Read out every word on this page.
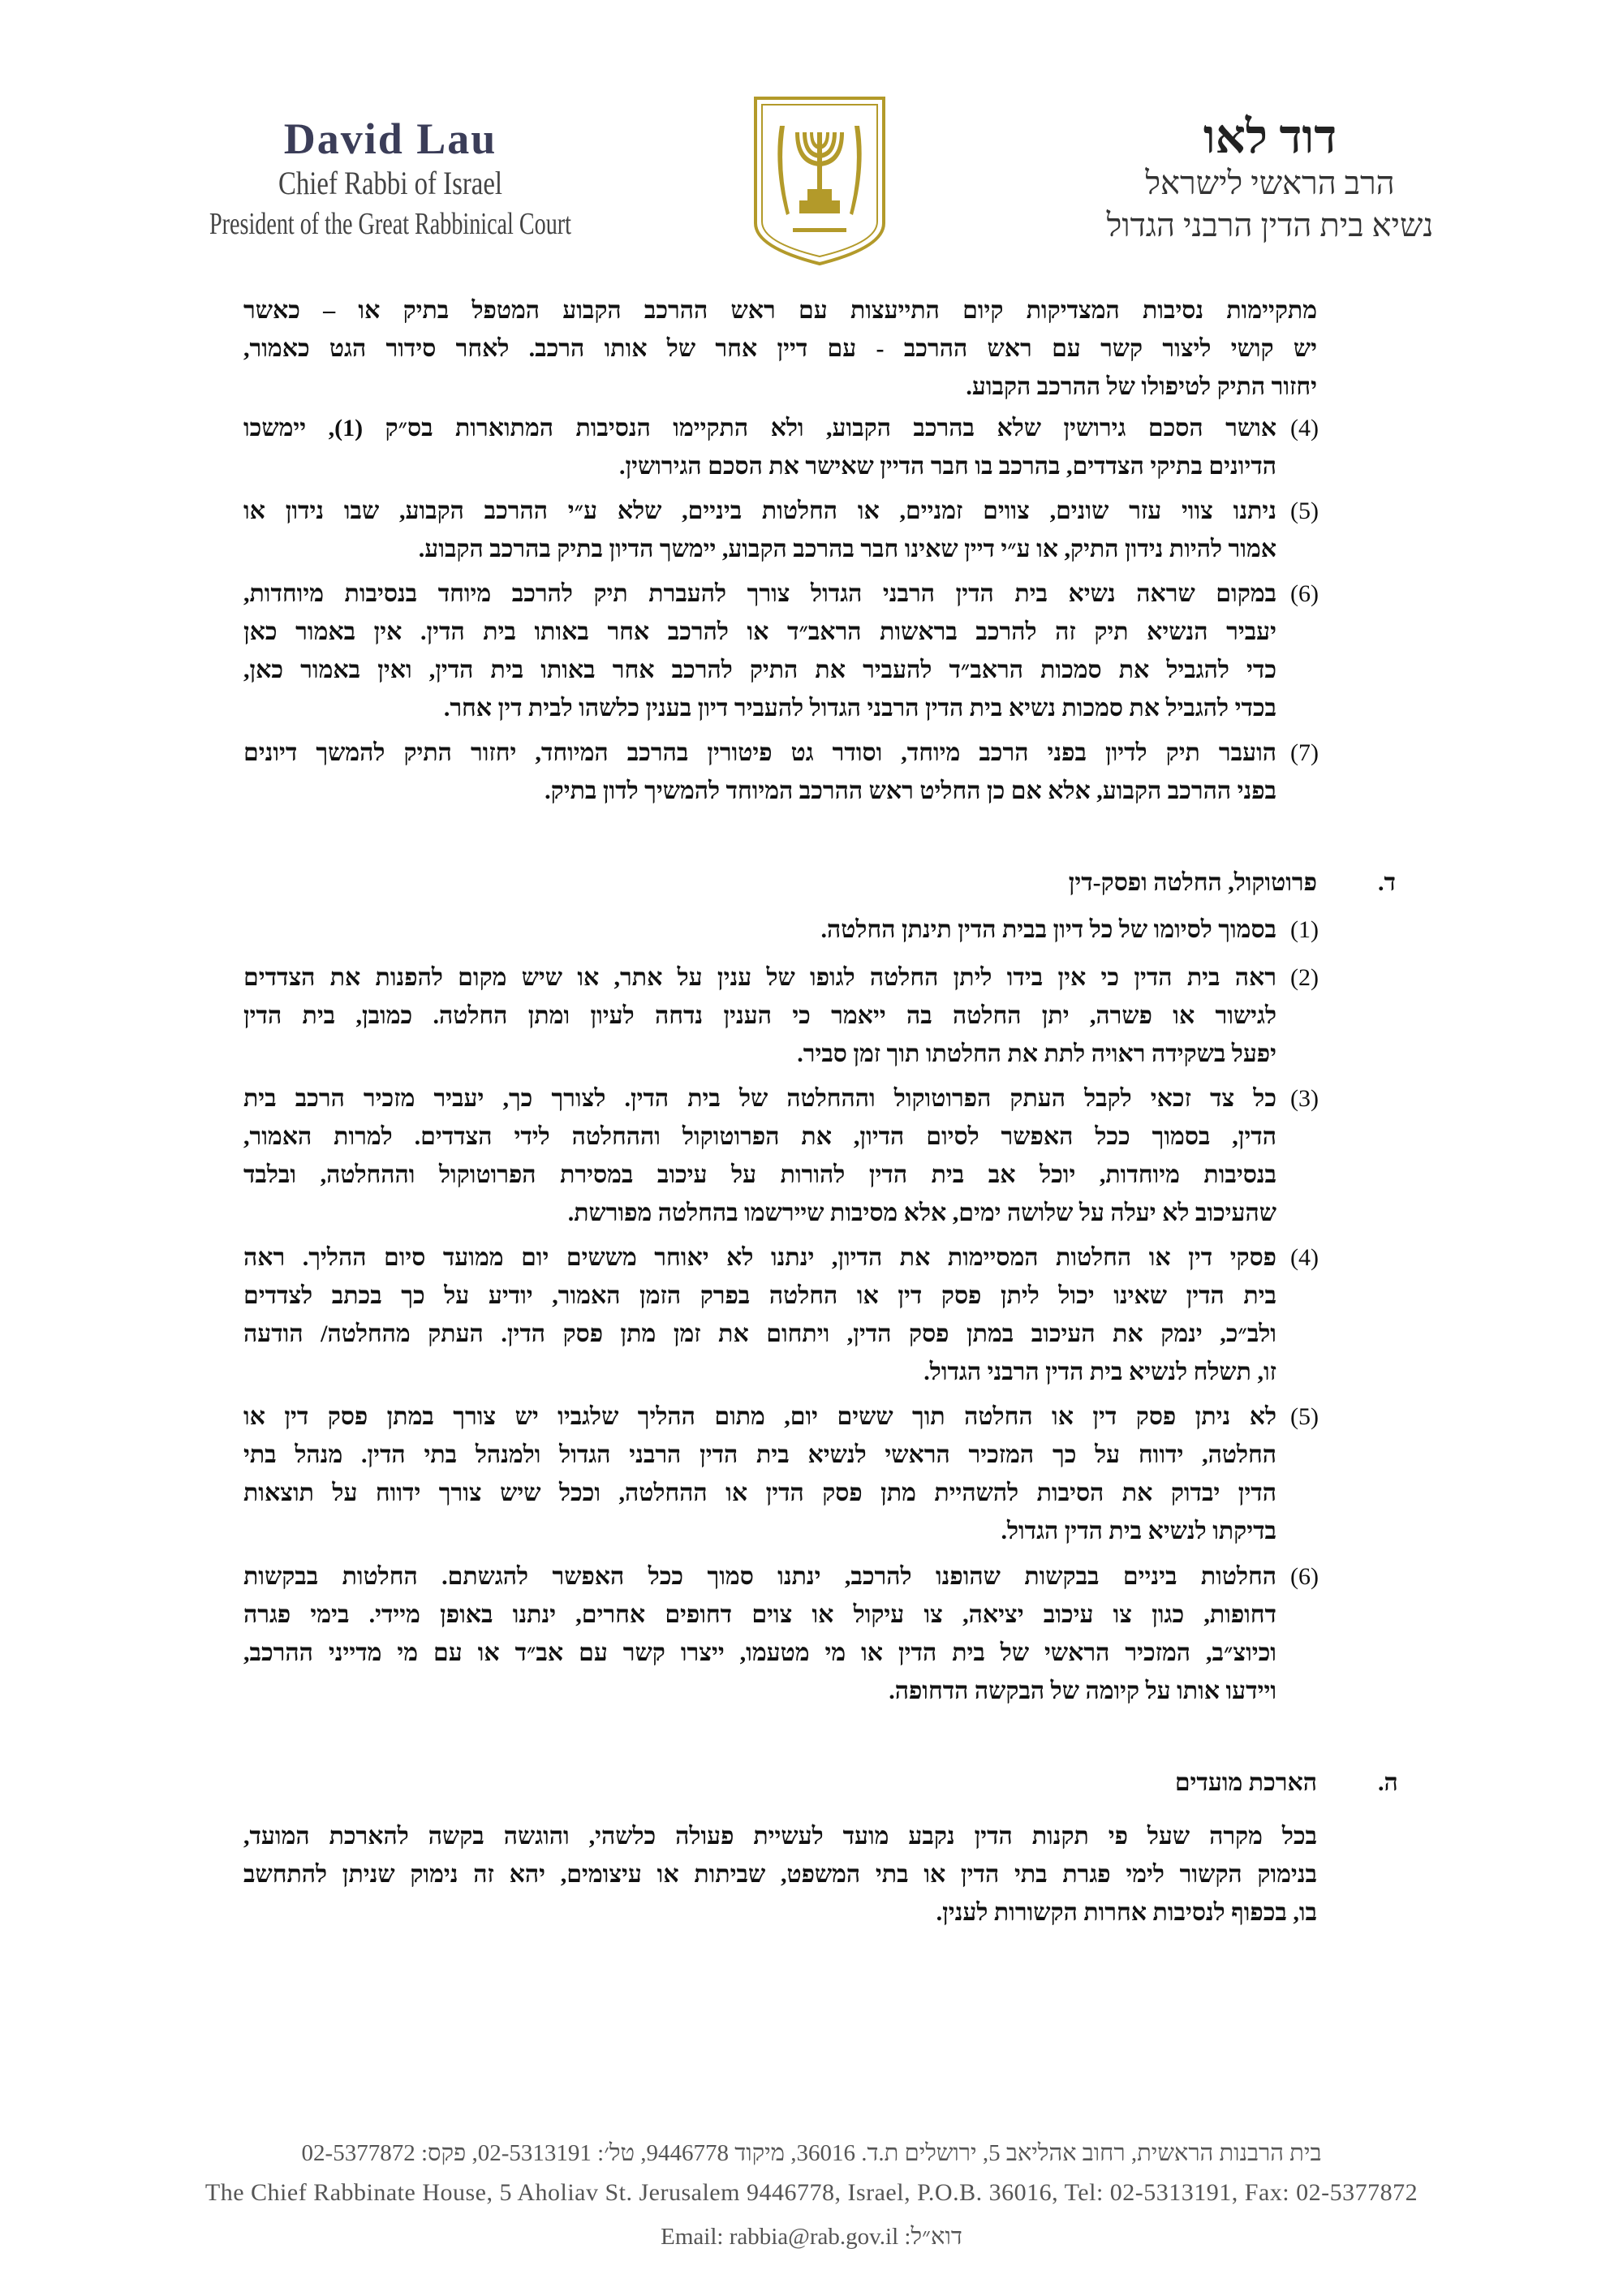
David Lau
Chief Rabbi of Israel
President of the Great Rabbinical Court
דוד לאו
הרב הראשי לישראל
נשיא בית הדין הרבני הגדול
מתקיימות נסיבות המצדיקות קיום התייעצות עם ראש ההרכב הקבוע המטפל בתיק או – כאשר
יש קושי ליצור קשר עם ראש ההרכב - עם דיין אחר של אותו הרכב. לאחר סידור הגט כאמור,
יחזור התיק לטיפולו של ההרכב הקבוע.
(4)
אושר הסכם גירושין שלא בהרכב הקבוע, ולא התקיימו הנסיבות המתוארות בס״ק (1), יימשכו
הדיונים בתיקי הצדדים, בהרכב בו חבר הדיין שאישר את הסכם הגירושין.
(5)
ניתנו צווי עזר שונים, צווים זמניים, או החלטות ביניים, שלא ע״י ההרכב הקבוע, שבו נידון או
אמור להיות נידון התיק, או ע״י דיין שאינו חבר בהרכב הקבוע, יימשך הדיון בתיק בהרכב הקבוע.
(6)
במקום שראה נשיא בית הדין הרבני הגדול צורך להעברת תיק להרכב מיוחד בנסיבות מיוחדות,
יעביר הנשיא תיק זה להרכב בראשות הראב״ד או להרכב אחר באותו בית הדין. אין באמור כאן
כדי להגביל את סמכות הראב״ד להעביר את התיק להרכב אחר באותו בית הדין, ואין באמור כאן,
בכדי להגביל את סמכות נשיא בית הדין הרבני הגדול להעביר דיון בענין כלשהו לבית דין אחר.
(7)
הועבר תיק לדיון בפני הרכב מיוחד, וסודר גט פיטורין בהרכב המיוחד, יחזור התיק להמשך דיונים
בפני ההרכב הקבוע, אלא אם כן החליט ראש ההרכב המיוחד להמשיך לדון בתיק.
(1)
בסמוך לסיומו של כל דיון בבית הדין תינתן החלטה.
(2)
ראה בית הדין כי אין בידו ליתן החלטה לגופו של ענין על אתר, או שיש מקום להפנות את הצדדים
לגישור או פשרה, יתן החלטה בה ייאמר כי הענין נדחה לעיון ומתן החלטה. כמובן, בית הדין
יפעל בשקידה ראויה לתת את החלטתו תוך זמן סביר.
(3)
כל צד זכאי לקבל העתק הפרוטוקול וההחלטה של בית הדין. לצורך כך, יעביר מזכיר הרכב בית
הדין, בסמוך ככל האפשר לסיום הדיון, את הפרוטוקול וההחלטה לידי הצדדים. למרות האמור,
בנסיבות מיוחדות, יוכל אב בית הדין להורות על עיכוב במסירת הפרוטוקול וההחלטה, ובלבד
שהעיכוב לא יעלה על שלושה ימים, אלא מסיבות שיירשמו בהחלטה מפורשת.
(4)
פסקי דין או החלטות המסיימות את הדיון, ינתנו לא יאוחר מששים יום ממועד סיום ההליך. ראה
בית הדין שאינו יכול ליתן פסק דין או החלטה בפרק הזמן האמור, יודיע על כך בכתב לצדדים
ולב״כ, ינמק את העיכוב במתן פסק הדין, ויתחום את זמן מתן פסק הדין. העתק מהחלטה/ הודעה
זו, תשלח לנשיא בית הדין הרבני הגדול.
(5)
לא ניתן פסק דין או החלטה תוך ששים יום, מתום ההליך שלגביו יש צורך במתן פסק דין או
החלטה, ידווח על כך המזכיר הראשי לנשיא בית הדין הרבני הגדול ולמנהל בתי הדין. מנהל בתי
הדין יבדוק את הסיבות להשהיית מתן פסק הדין או ההחלטה, וככל שיש צורך ידווח על תוצאות
בדיקתו לנשיא בית הדין הגדול.
(6)
החלטות ביניים בבקשות שהופנו להרכב, ינתנו סמוך ככל האפשר להגשתם. החלטות בבקשות
דחופות, כגון צו עיכוב יציאה, צו עיקול או צוים דחופים אחרים, ינתנו באופן מיידי. בימי פגרה
וכיוצ״ב, המזכיר הראשי של בית הדין או מי מטעמו, ייצרו קשר עם אב״ד או עם מי מדייני ההרכב,
ויידעו אותו על קיומה של הבקשה הדחופה.
בכל מקרה שעל פי תקנות הדין נקבע מועד לעשיית פעולה כלשהי, והוגשה בקשה להארכת המועד,
בנימוק הקשור לימי פגרת בתי הדין או בתי המשפט, שביתות או עיצומים, יהא זה נימוק שניתן להתחשב
בו, בכפוף לנסיבות אחרות הקשורות לענין.
ד.
פרוטוקול, החלטה ופסק-דין
ה.
הארכת מועדים
בית הרבנות הראשית, רחוב אהליאב 5, ירושלים ת.ד. 36016, מיקוד 9446778, טל׳: 02-5313191, פקס: 02-5377872
The Chief Rabbinate House, 5 Aholiav St. Jerusalem 9446778, Israel, P.O.B. 36016, Tel: 02-5313191, Fax: 02-5377872
Email: rabbia@rab.gov.il דוא״ל:
